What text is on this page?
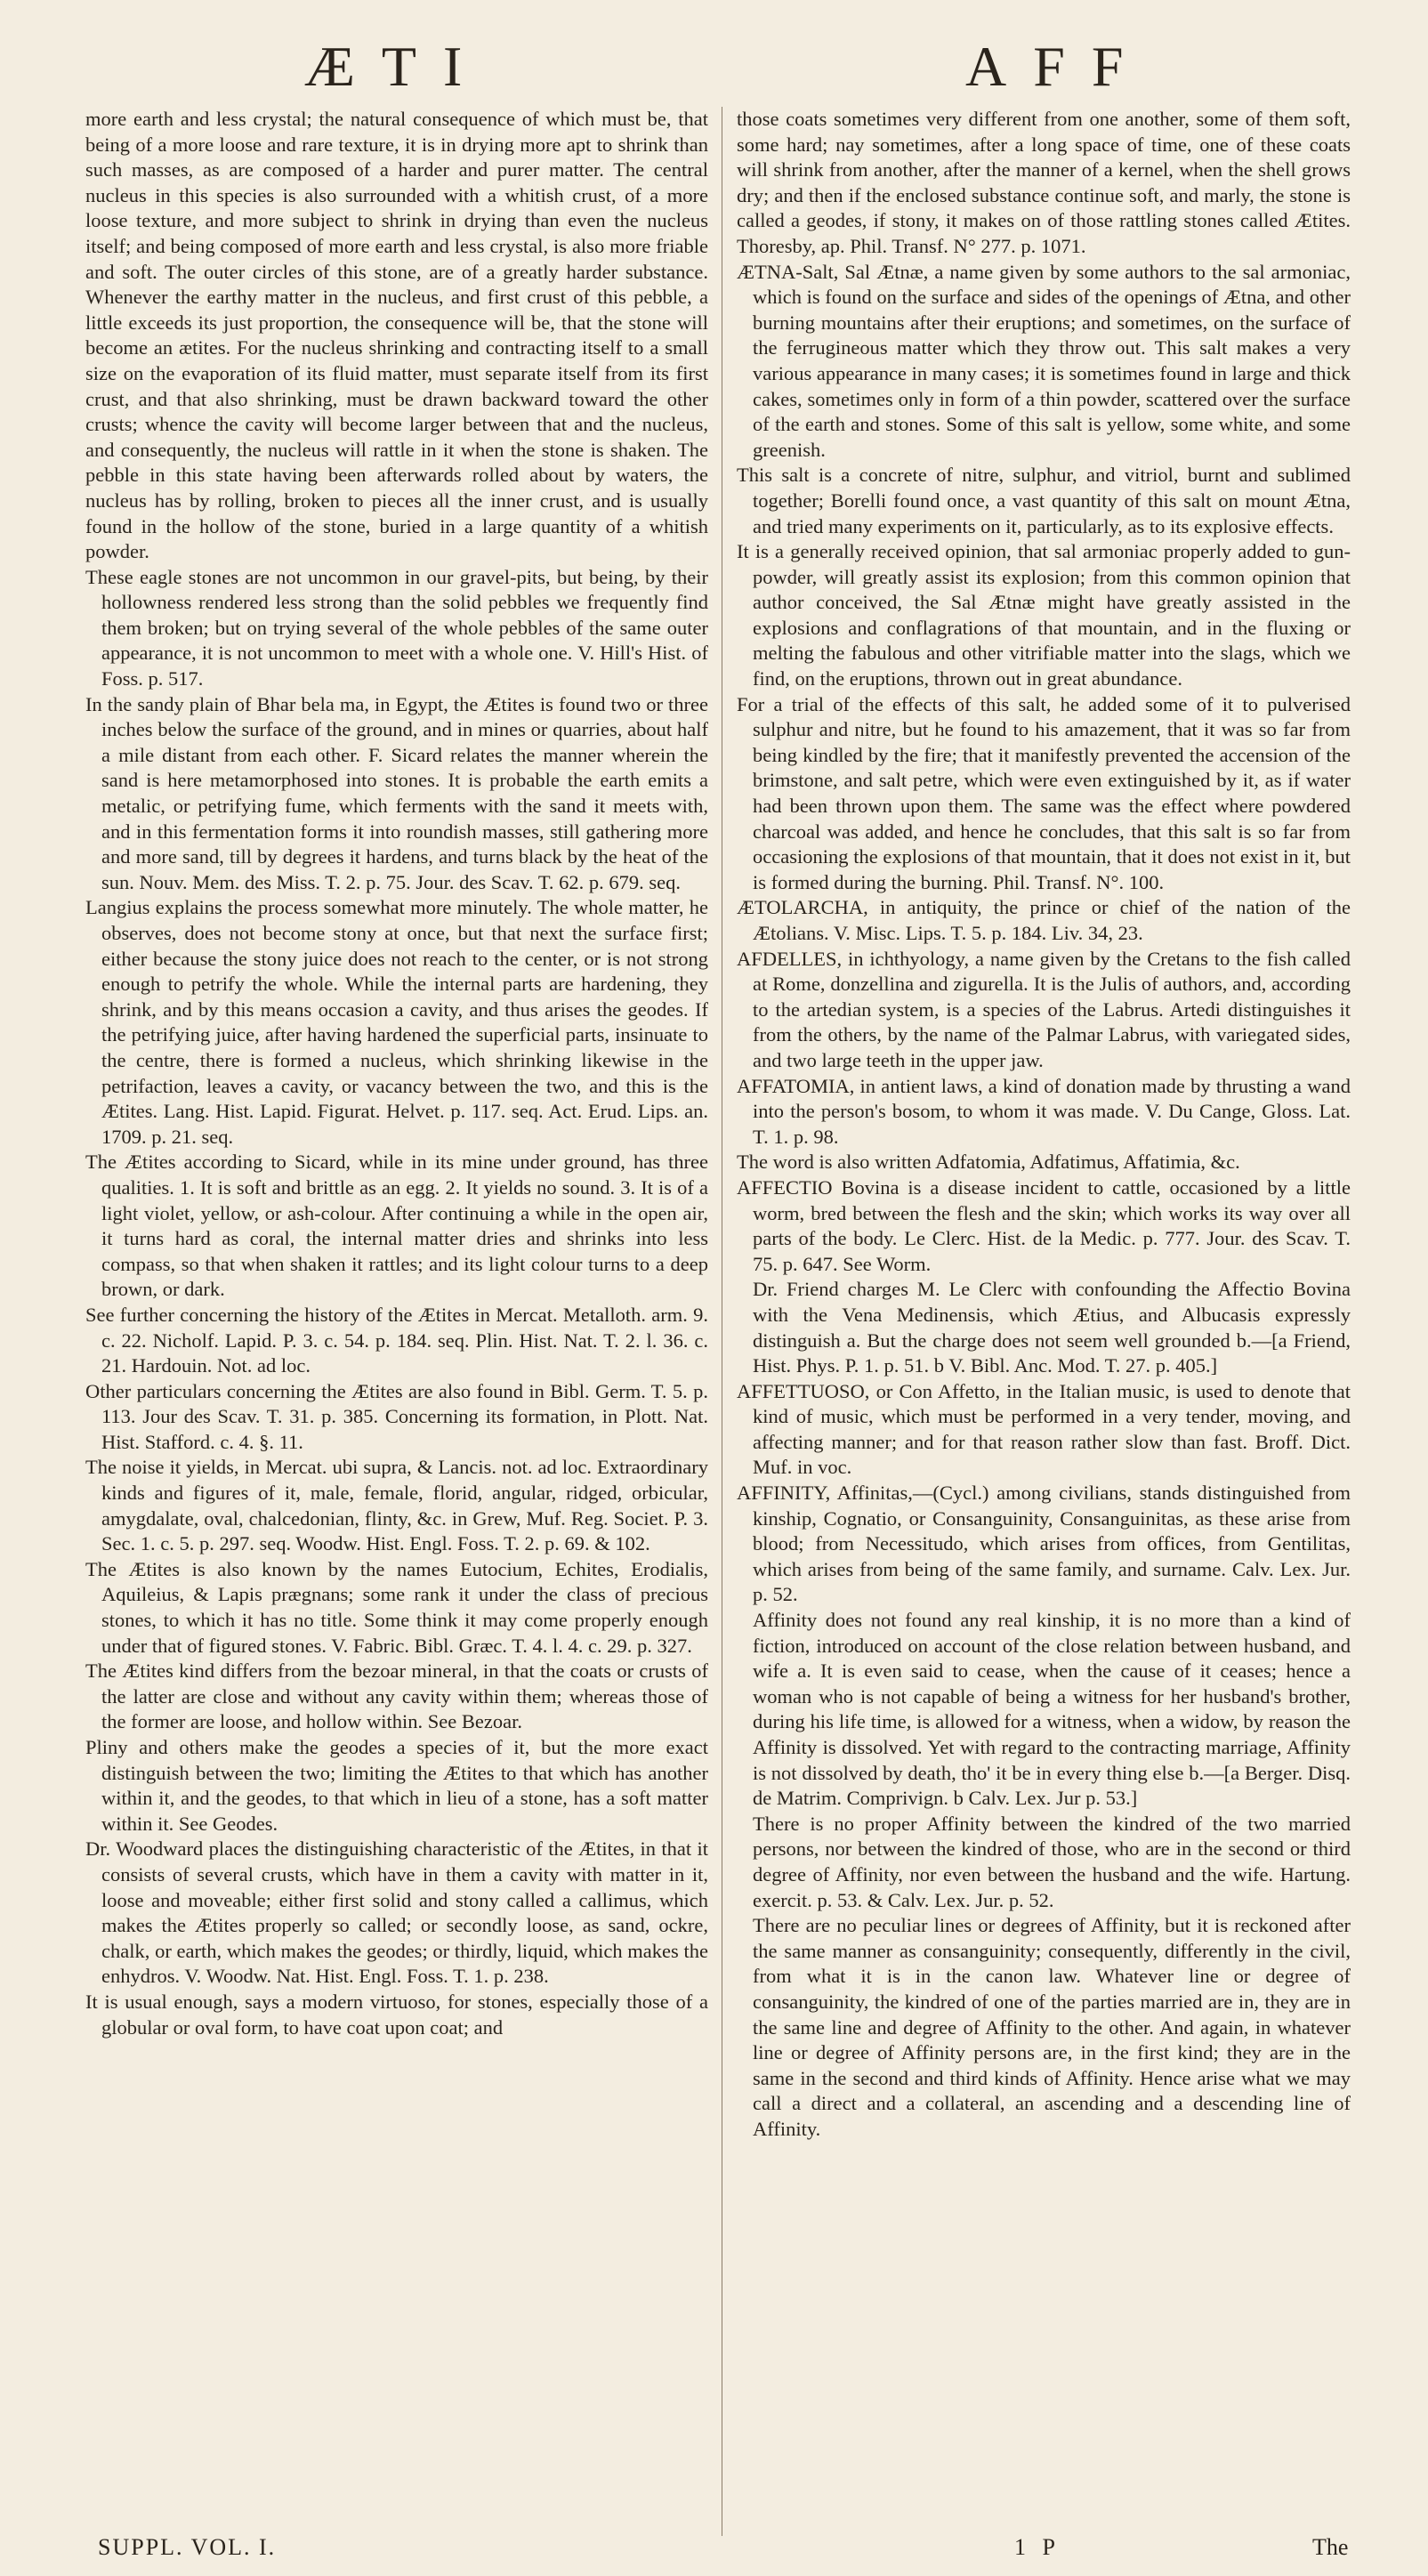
ÆTI	AFF

more earth and less crystal; the natural consequence of which must be, that being of a more loose and rare texture, it is in drying more apt to shrink than such masses, as are composed of a harder and purer matter. The central nucleus in this species is also surrounded with a whitish crust, of a more loose texture, and more subject to shrink in drying than even the nucleus itself; and being composed of more earth and less crystal, is also more friable and soft. The outer circles of this stone, are of a greatly harder substance. Whenever the earthy matter in the nucleus, and first crust of this pebble, a little exceeds its just proportion, the consequence will be, that the stone will become an ætites. For the nucleus shrinking and contracting itself to a small size on the evaporation of its fluid matter, must separate itself from its first crust, and that also shrinking, must be drawn backward toward the other crusts; whence the cavity will become larger between that and the nucleus, and consequently, the nucleus will rattle in it when the stone is shaken. The pebble in this state having been afterwards rolled about by waters, the nucleus has by rolling, broken to pieces all the inner crust, and is usually found in the hollow of the stone, buried in a large quantity of a whitish powder.

These eagle stones are not uncommon in our gravel-pits, but being, by their hollowness rendered less strong than the solid pebbles we frequently find them broken; but on trying several of the whole pebbles of the same outer appearance, it is not uncommon to meet with a whole one. V. Hill's Hist. of Foss. p. 517.

In the sandy plain of Bhar bela ma, in Egypt, the Ætites is found two or three inches below the surface of the ground, and in mines or quarries, about half a mile distant from each other. F. Sicard relates the manner wherein the sand is here metamorphosed into stones. It is probable the earth emits a metalic, or petrifying fume, which ferments with the sand it meets with, and in this fermentation forms it into roundish masses, still gathering more and more sand, till by degrees it hardens, and turns black by the heat of the sun. Nouv. Mem. des Miss. T. 2. p. 75. Jour. des Scav. T. 62. p. 679. seq.

Langius explains the process somewhat more minutely. The whole matter, he observes, does not become stony at once, but that next the surface first; either because the stony juice does not reach to the center, or is not strong enough to petrify the whole. While the internal parts are hardening, they shrink, and by this means occasion a cavity, and thus arises the geodes. If the petrifying juice, after having hardened the superficial parts, insinuate to the centre, there is formed a nucleus, which shrinking likewise in the petrifaction, leaves a cavity, or vacancy between the two, and this is the Ætites. Lang. Hist. Lapid. Figurat. Helvet. p. 117. seq. Act. Erud. Lips. an. 1709. p. 21. seq.

The Ætites according to Sicard, while in its mine under ground, has three qualities. 1. It is soft and brittle as an egg. 2. It yields no sound. 3. It is of a light violet, yellow, or ash-colour. After continuing a while in the open air, it turns hard as coral, the internal matter dries and shrinks into less compass, so that when shaken it rattles; and its light colour turns to a deep brown, or dark.

See further concerning the history of the Ætites in Mercat. Metalloth. arm. 9. c. 22. Nicholf. Lapid. P. 3. c. 54. p. 184. seq. Plin. Hist. Nat. T. 2. l. 36. c. 21. Hardouin. Not. ad loc.

Other particulars concerning the Ætites are also found in Bibl. Germ. T. 5. p. 113. Jour des Scav. T. 31. p. 385. Concerning its formation, in Plott. Nat. Hist. Stafford. c. 4. §. 11.

The noise it yields, in Mercat. ubi supra, & Lancis. not. ad loc. Extraordinary kinds and figures of it, male, female, florid, angular, ridged, orbicular, amygdalate, oval, chalcedonian, flinty, &c. in Grew, Muf. Reg. Societ. P. 3. Sec. 1. c. 5. p. 297. seq. Woodw. Hist. Engl. Foss. T. 2. p. 69. & 102.

The Ætites is also known by the names Eutocium, Echites, Erodialis, Aquileius, & Lapis prægnans; some rank it under the class of precious stones, to which it has no title. Some think it may come properly enough under that of figured stones. V. Fabric. Bibl. Græc. T. 4. l. 4. c. 29. p. 327.

The Ætites kind differs from the bezoar mineral, in that the coats or crusts of the latter are close and without any cavity within them; whereas those of the former are loose, and hollow within. See Bezoar.

Pliny and others make the geodes a species of it, but the more exact distinguish between the two; limiting the Ætites to that which has another within it, and the geodes, to that which in lieu of a stone, has a soft matter within it. See Geodes.

Dr. Woodward places the distinguishing characteristic of the Ætites, in that it consists of several crusts, which have in them a cavity with matter in it, loose and moveable; either first solid and stony called a callimus, which makes the Ætites properly so called; or secondly loose, as sand, ockre, chalk, or earth, which makes the geodes; or thirdly, liquid, which makes the enhydros. V. Woodw. Nat. Hist. Engl. Foss. T. 1. p. 238.

It is usual enough, says a modern virtuoso, for stones, especially those of a globular or oval form, to have coat upon coat; and

those coats sometimes very different from one another, some of them soft, some hard; nay sometimes, after a long space of time, one of these coats will shrink from another, after the manner of a kernel, when the shell grows dry; and then if the enclosed substance continue soft, and marly, the stone is called a geodes, if stony, it makes on of those rattling stones called Ætites. Thoresby, ap. Phil. Transf. N° 277. p. 1071.

ÆTNA-Salt, Sal Ætnæ, a name given by some authors to the sal armoniac, which is found on the surface and sides of the openings of Ætna, and other burning mountains after their eruptions; and sometimes, on the surface of the ferrugineous matter which they throw out. This salt makes a very various appearance in many cases; it is sometimes found in large and thick cakes, sometimes only in form of a thin powder, scattered over the surface of the earth and stones. Some of this salt is yellow, some white, and some greenish.

This salt is a concrete of nitre, sulphur, and vitriol, burnt and sublimed together; Borelli found once, a vast quantity of this salt on mount Ætna, and tried many experiments on it, particularly, as to its explosive effects.

It is a generally received opinion, that sal armoniac properly added to gun-powder, will greatly assist its explosion; from this common opinion that author conceived, the Sal Ætnæ might have greatly assisted in the explosions and conflagrations of that mountain, and in the fluxing or melting the fabulous and other vitrifiable matter into the slags, which we find, on the eruptions, thrown out in great abundance.

For a trial of the effects of this salt, he added some of it to pulverised sulphur and nitre, but he found to his amazement, that it was so far from being kindled by the fire; that it manifestly prevented the accension of the brimstone, and salt petre, which were even extinguished by it, as if water had been thrown upon them. The same was the effect where powdered charcoal was added, and hence he concludes, that this salt is so far from occasioning the explosions of that mountain, that it does not exist in it, but is formed during the burning. Phil. Transf. N°. 100.

ÆTOLARCHA, in antiquity, the prince or chief of the nation of the Ætolians. V. Misc. Lips. T. 5. p. 184. Liv. 34, 23.

AFDELLES, in ichthyology, a name given by the Cretans to the fish called at Rome, donzellina and zigurella. It is the Julis of authors, and, according to the artedian system, is a species of the Labrus. Artedi distinguishes it from the others, by the name of the Palmar Labrus, with variegated sides, and two large teeth in the upper jaw.

AFFATOMIA, in antient laws, a kind of donation made by thrusting a wand into the person's bosom, to whom it was made. V. Du Cange, Gloss. Lat. T. 1. p. 98.

The word is also written Adfatomia, Adfatimus, Affatimia, &c.

AFFECTIO Bovina is a disease incident to cattle, occasioned by a little worm, bred between the flesh and the skin; which works its way over all parts of the body. Le Clerc. Hist. de la Medic. p. 777. Jour. des Scav. T. 75. p. 647. See Worm.

Dr. Friend charges M. Le Clerc with confounding the Affectio Bovina with the Vena Medinensis, which Ætius, and Albucasis expressly distinguish a. But the charge does not seem well grounded b.—[a Friend, Hist. Phys. P. 1. p. 51. b V. Bibl. Anc. Mod. T. 27. p. 405.]

AFFETTUOSO, or Con Affetto, in the Italian music, is used to denote that kind of music, which must be performed in a very tender, moving, and affecting manner; and for that reason rather slow than fast. Broff. Dict. Muf. in voc.

AFFINITY, Affinitas,—(Cycl.) among civilians, stands distinguished from kinship, Cognatio, or Consanguinity, Consanguinitas, as these arise from blood; from Necessitudo, which arises from offices, from Gentilitas, which arises from being of the same family, and surname. Calv. Lex. Jur. p. 52.

Affinity does not found any real kinship, it is no more than a kind of fiction, introduced on account of the close relation between husband, and wife a. It is even said to cease, when the cause of it ceases; hence a woman who is not capable of being a witness for her husband's brother, during his life time, is allowed for a witness, when a widow, by reason the Affinity is dissolved. Yet with regard to the contracting marriage, Affinity is not dissolved by death, tho' it be in every thing else b.—[a Berger. Disq. de Matrim. Comprivign. b Calv. Lex. Jur p. 53.]

There is no proper Affinity between the kindred of the two married persons, nor between the kindred of those, who are in the second or third degree of Affinity, nor even between the husband and the wife. Hartung. exercit. p. 53. & Calv. Lex. Jur. p. 52.

There are no peculiar lines or degrees of Affinity, but it is reckoned after the same manner as consanguinity; consequently, differently in the civil, from what it is in the canon law. Whatever line or degree of consanguinity, the kindred of one of the parties married are in, they are in the same line and degree of Affinity to the other. And again, in whatever line or degree of Affinity persons are, in the first kind; they are in the same in the second and third kinds of Affinity. Hence arise what we may call a direct and a collateral, an ascending and a descending line of Affinity.

SUPPL. VOL. I.	1 P	The
